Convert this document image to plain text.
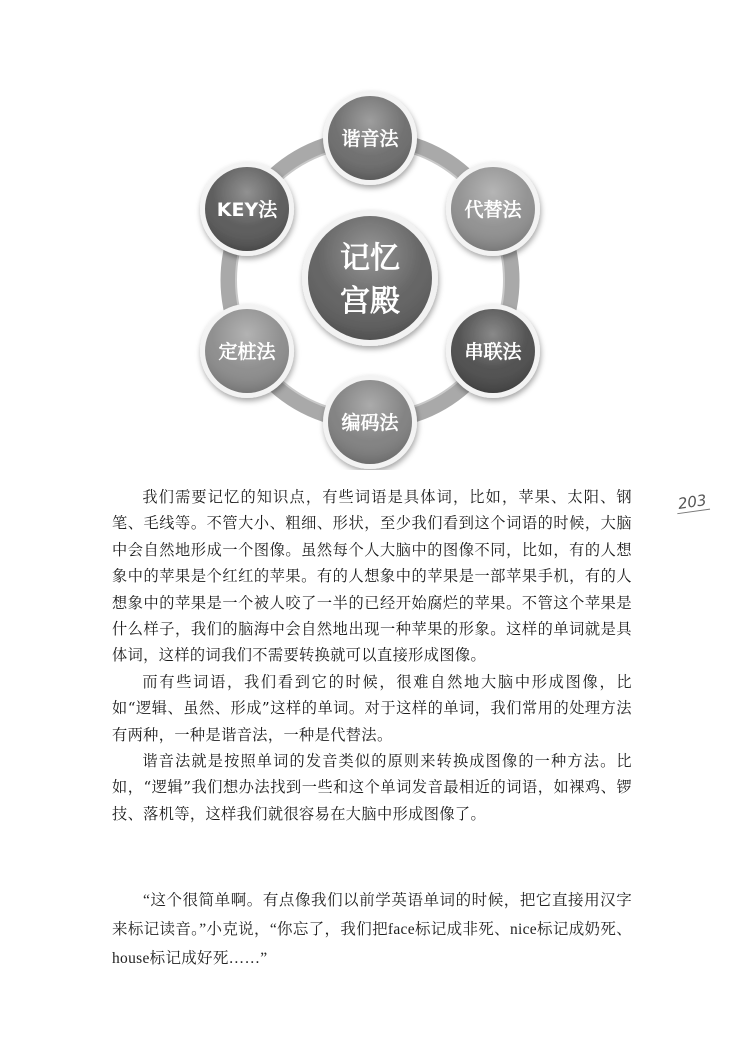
记忆
宫殿
谐音法
代替法
串联法
编码法
定桩法
KEY法
203

我们需要记忆的知识点，有些词语是具体词，比如，苹果、太阳、钢笔、毛线等。不管大小、粗细、形状，至少我们看到这个词语的时候，大脑中会自然地形成一个图像。虽然每个人大脑中的图像不同，比如，有的人想象中的苹果是个红红的苹果。有的人想象中的苹果是一部苹果手机，有的人想象中的苹果是一个被人咬了一半的已经开始腐烂的苹果。不管这个苹果是什么样子，我们的脑海中会自然地出现一种苹果的形象。这样的单词就是具体词，这样的词我们不需要转换就可以直接形成图像。

而有些词语，我们看到它的时候，很难自然地大脑中形成图像，比如“逻辑、虽然、形成”这样的单词。对于这样的单词，我们常用的处理方法有两种，一种是谐音法，一种是代替法。

谐音法就是按照单词的发音类似的原则来转换成图像的一种方法。比如，“逻辑”我们想办法找到一些和这个单词发音最相近的词语，如裸鸡、锣技、落机等，这样我们就很容易在大脑中形成图像了。

“这个很简单啊。有点像我们以前学英语单词的时候，把它直接用汉字来标记读音。”小克说，“你忘了，我们把face标记成非死、nice标记成奶死、house标记成好死……”
